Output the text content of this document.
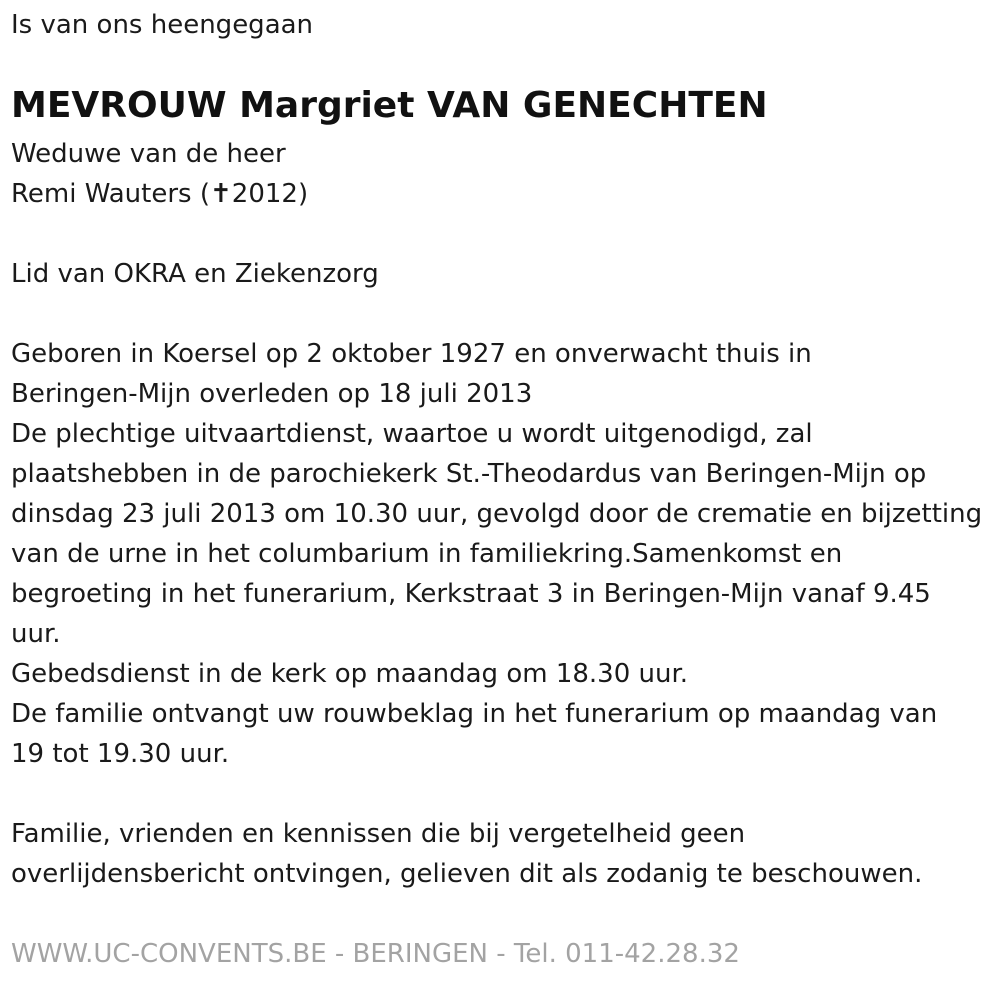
Is van ons heengegaan
MEVROUW Margriet VAN GENECHTEN
Weduwe van de heer
Remi Wauters (✝2012)
Lid van OKRA en Ziekenzorg
Geboren in Koersel op 2 oktober 1927 en onverwacht thuis in
Beringen-Mijn overleden op 18 juli 2013
De plechtige uitvaartdienst, waartoe u wordt uitgenodigd, zal
plaatshebben in de parochiekerk St.-Theodardus van Beringen-Mijn op
dinsdag 23 juli 2013 om 10.30 uur, gevolgd door de crematie en bijzetting
van de urne in het columbarium in familiekring.Samenkomst en
begroeting in het funerarium, Kerkstraat 3 in Beringen-Mijn vanaf 9.45
uur.
Gebedsdienst in de kerk op maandag om 18.30 uur.
De familie ontvangt uw rouwbeklag in het funerarium op maandag van
19 tot 19.30 uur.
Familie, vrienden en kennissen die bij vergetelheid geen
overlijdensbericht ontvingen, gelieven dit als zodanig te beschouwen.
WWW.UC-CONVENTS.BE - BERINGEN - Tel. 011-42.28.32
